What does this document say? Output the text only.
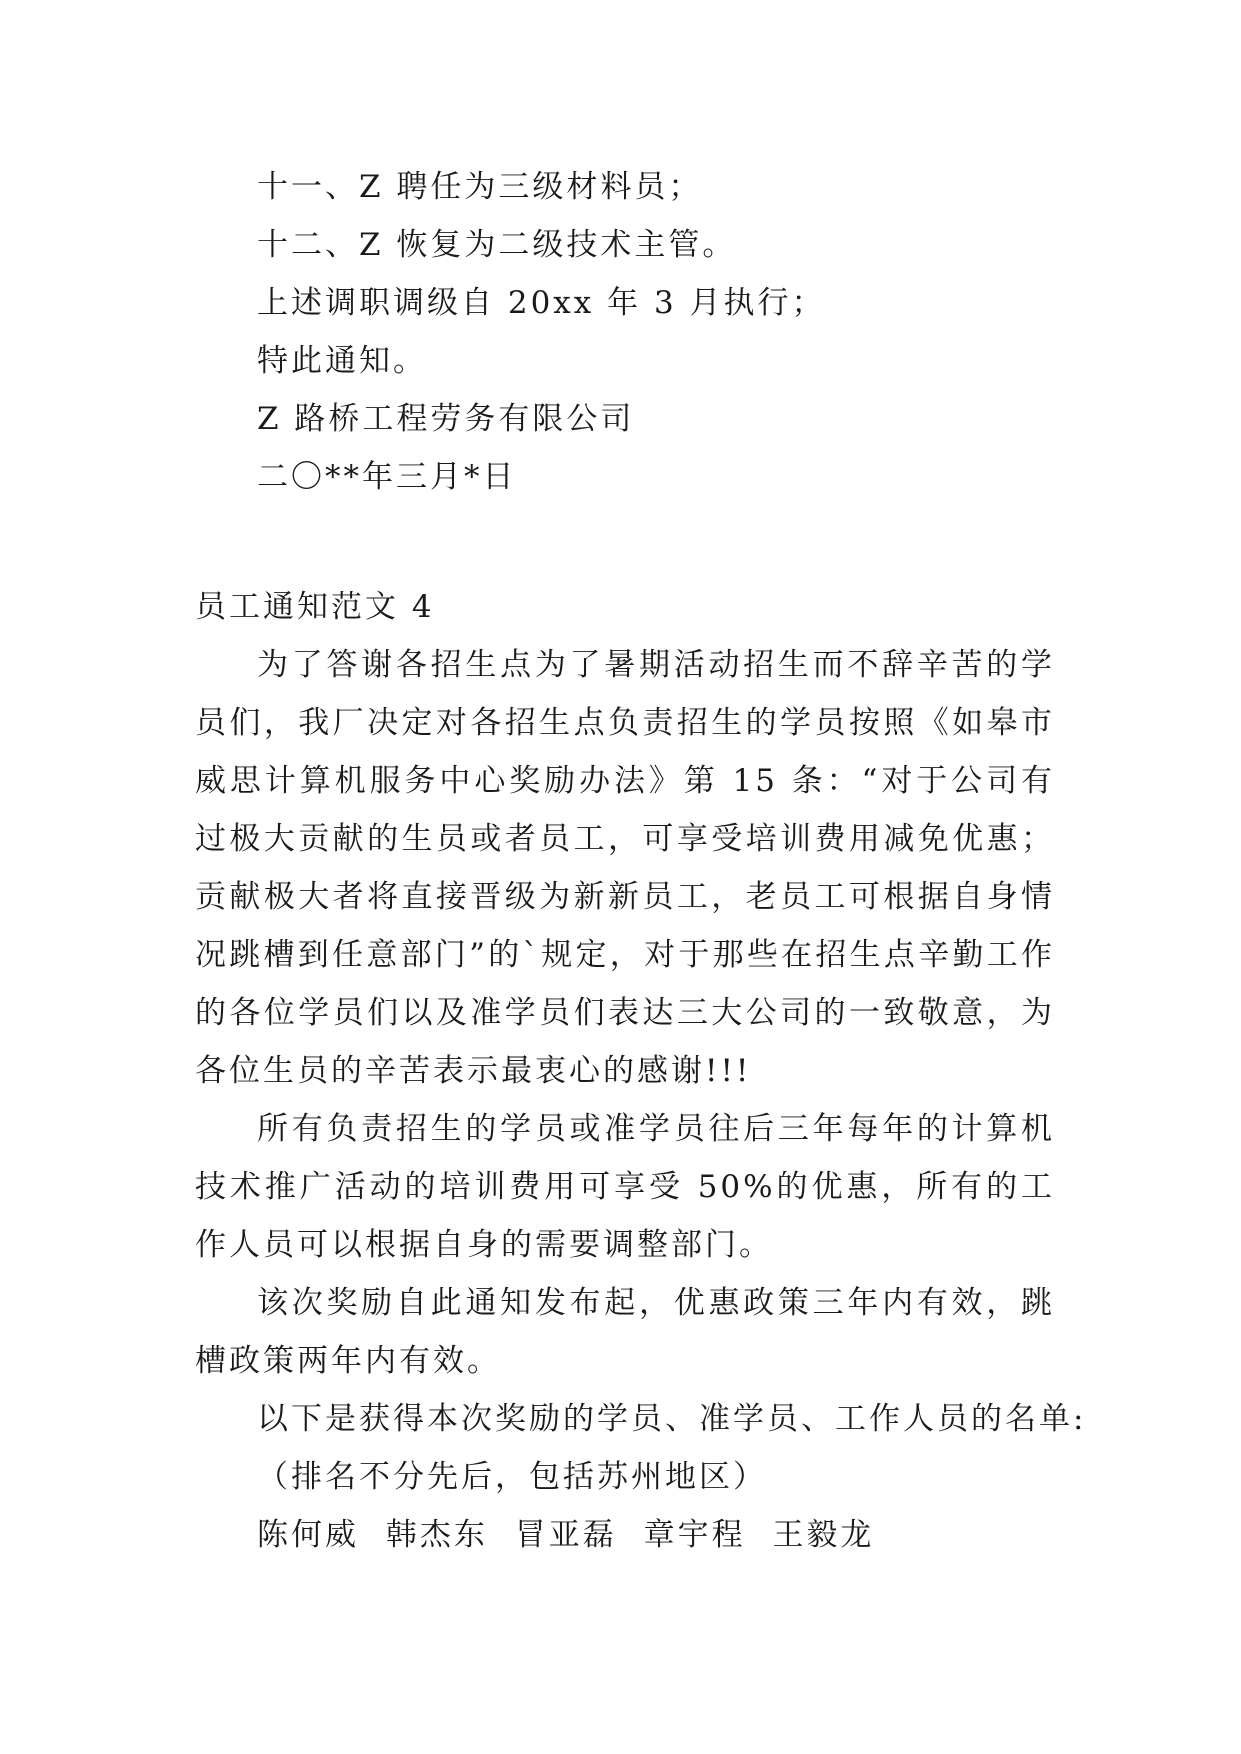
十一、Z 聘任为三级材料员；
十二、Z 恢复为二级技术主管。
上述调职调级自 20xx 年 3 月执行；
特此通知。
Z 路桥工程劳务有限公司
二〇**年三月*日
员工通知范文 4

为了答谢各招生点为了暑期活动招生而不辞辛苦的学员们，我厂决定对各招生点负责招生的学员按照《如皋市威思计算机服务中心奖励办法》第 15 条：“对于公司有过极大贡献的生员或者员工，可享受培训费用减免优惠；贡献极大者将直接晋级为新新员工，老员工可根据自身情况跳槽到任意部门”的`规定，对于那些在招生点辛勤工作的各位学员们以及准学员们表达三大公司的一致敬意，为各位生员的辛苦表示最衷心的感谢!!!

所有负责招生的学员或准学员往后三年每年的计算机技术推广活动的培训费用可享受 50%的优惠，所有的工作人员可以根据自身的需要调整部门。

该次奖励自此通知发布起，优惠政策三年内有效，跳槽政策两年内有效。

以下是获得本次奖励的学员、准学员、工作人员的名单:
（排名不分先后，包括苏州地区）
陈何威 韩杰东 冒亚磊 章宇程 王毅龙
